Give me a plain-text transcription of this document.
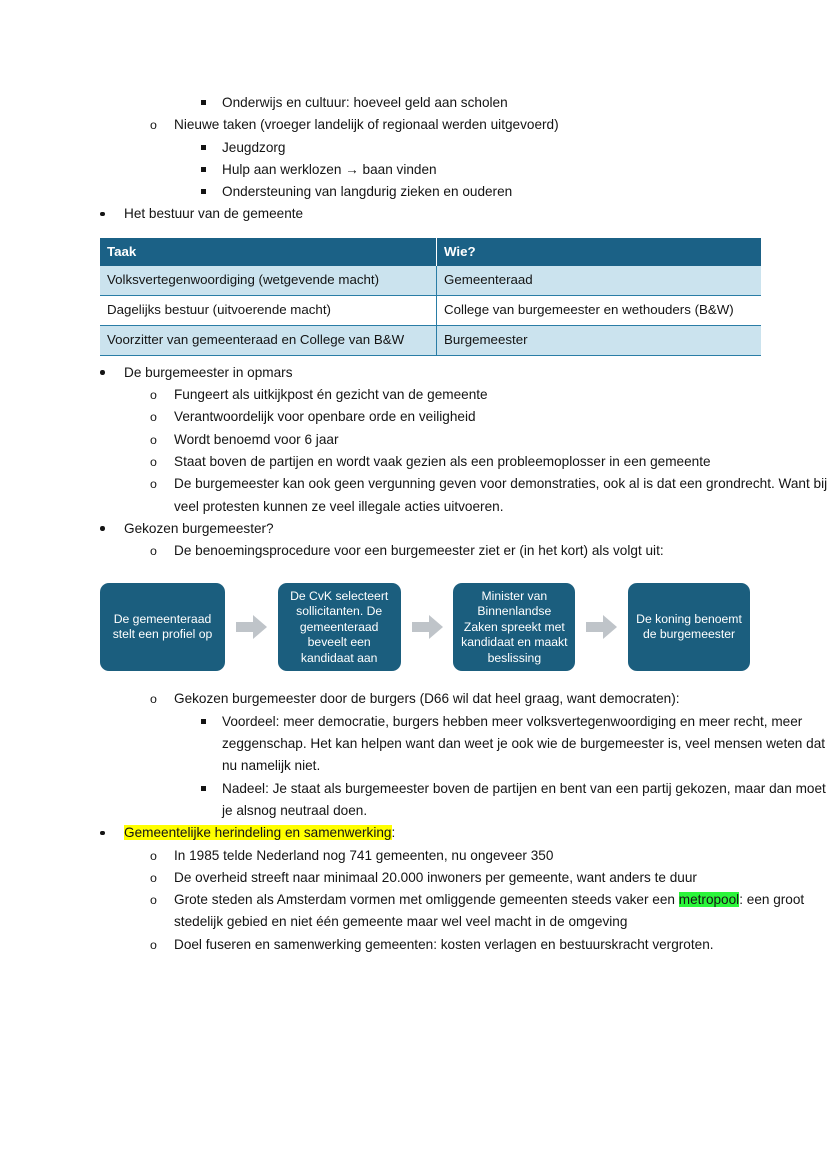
Onderwijs en cultuur: hoeveel geld aan scholen
o	Nieuwe taken (vroeger landelijk of regionaal werden uitgevoerd)
Jeugdzorg
Hulp aan werklozen → baan vinden
Ondersteuning van langdurig zieken en ouderen
Het bestuur van de gemeente
Taak	Wie?
Volksvertegenwoordiging (wetgevende macht)	Gemeenteraad
Dagelijks bestuur (uitvoerende macht)	College van burgemeester en wethouders (B&W)
Voorzitter van gemeenteraad en College van B&W	Burgemeester
De burgemeester in opmars
o	Fungeert als uitkijkpost én gezicht van de gemeente
o	Verantwoordelijk voor openbare orde en veiligheid
o	Wordt benoemd voor 6 jaar
o	Staat boven de partijen en wordt vaak gezien als een probleemoplosser in een gemeente
o	De burgemeester kan ook geen vergunning geven voor demonstraties, ook al is dat een grondrecht. Want bij veel protesten kunnen ze veel illegale acties uitvoeren.
Gekozen burgemeester?
o	De benoemingsprocedure voor een burgemeester ziet er (in het kort) als volgt uit:
De gemeenteraad stelt een profiel op
De CvK selecteert sollicitanten. De gemeenteraad beveelt een kandidaat aan
Minister van Binnenlandse Zaken spreekt met kandidaat en maakt beslissing
De koning benoemt de burgemeester
o	Gekozen burgemeester door de burgers (D66 wil dat heel graag, want democraten):
Voordeel: meer democratie, burgers hebben meer volksvertegenwoordiging en meer recht, meer zeggenschap. Het kan helpen want dan weet je ook wie de burgemeester is, veel mensen weten dat nu namelijk niet.
Nadeel: Je staat als burgemeester boven de partijen en bent van een partij gekozen, maar dan moet je alsnog neutraal doen.
Gemeentelijke herindeling en samenwerking:
o	In 1985 telde Nederland nog 741 gemeenten, nu ongeveer 350
o	De overheid streeft naar minimaal 20.000 inwoners per gemeente, want anders te duur
o	Grote steden als Amsterdam vormen met omliggende gemeenten steeds vaker een metropool: een groot stedelijk gebied en niet één gemeente maar wel veel macht in de omgeving
o	Doel fuseren en samenwerking gemeenten: kosten verlagen en bestuurskracht vergroten.
